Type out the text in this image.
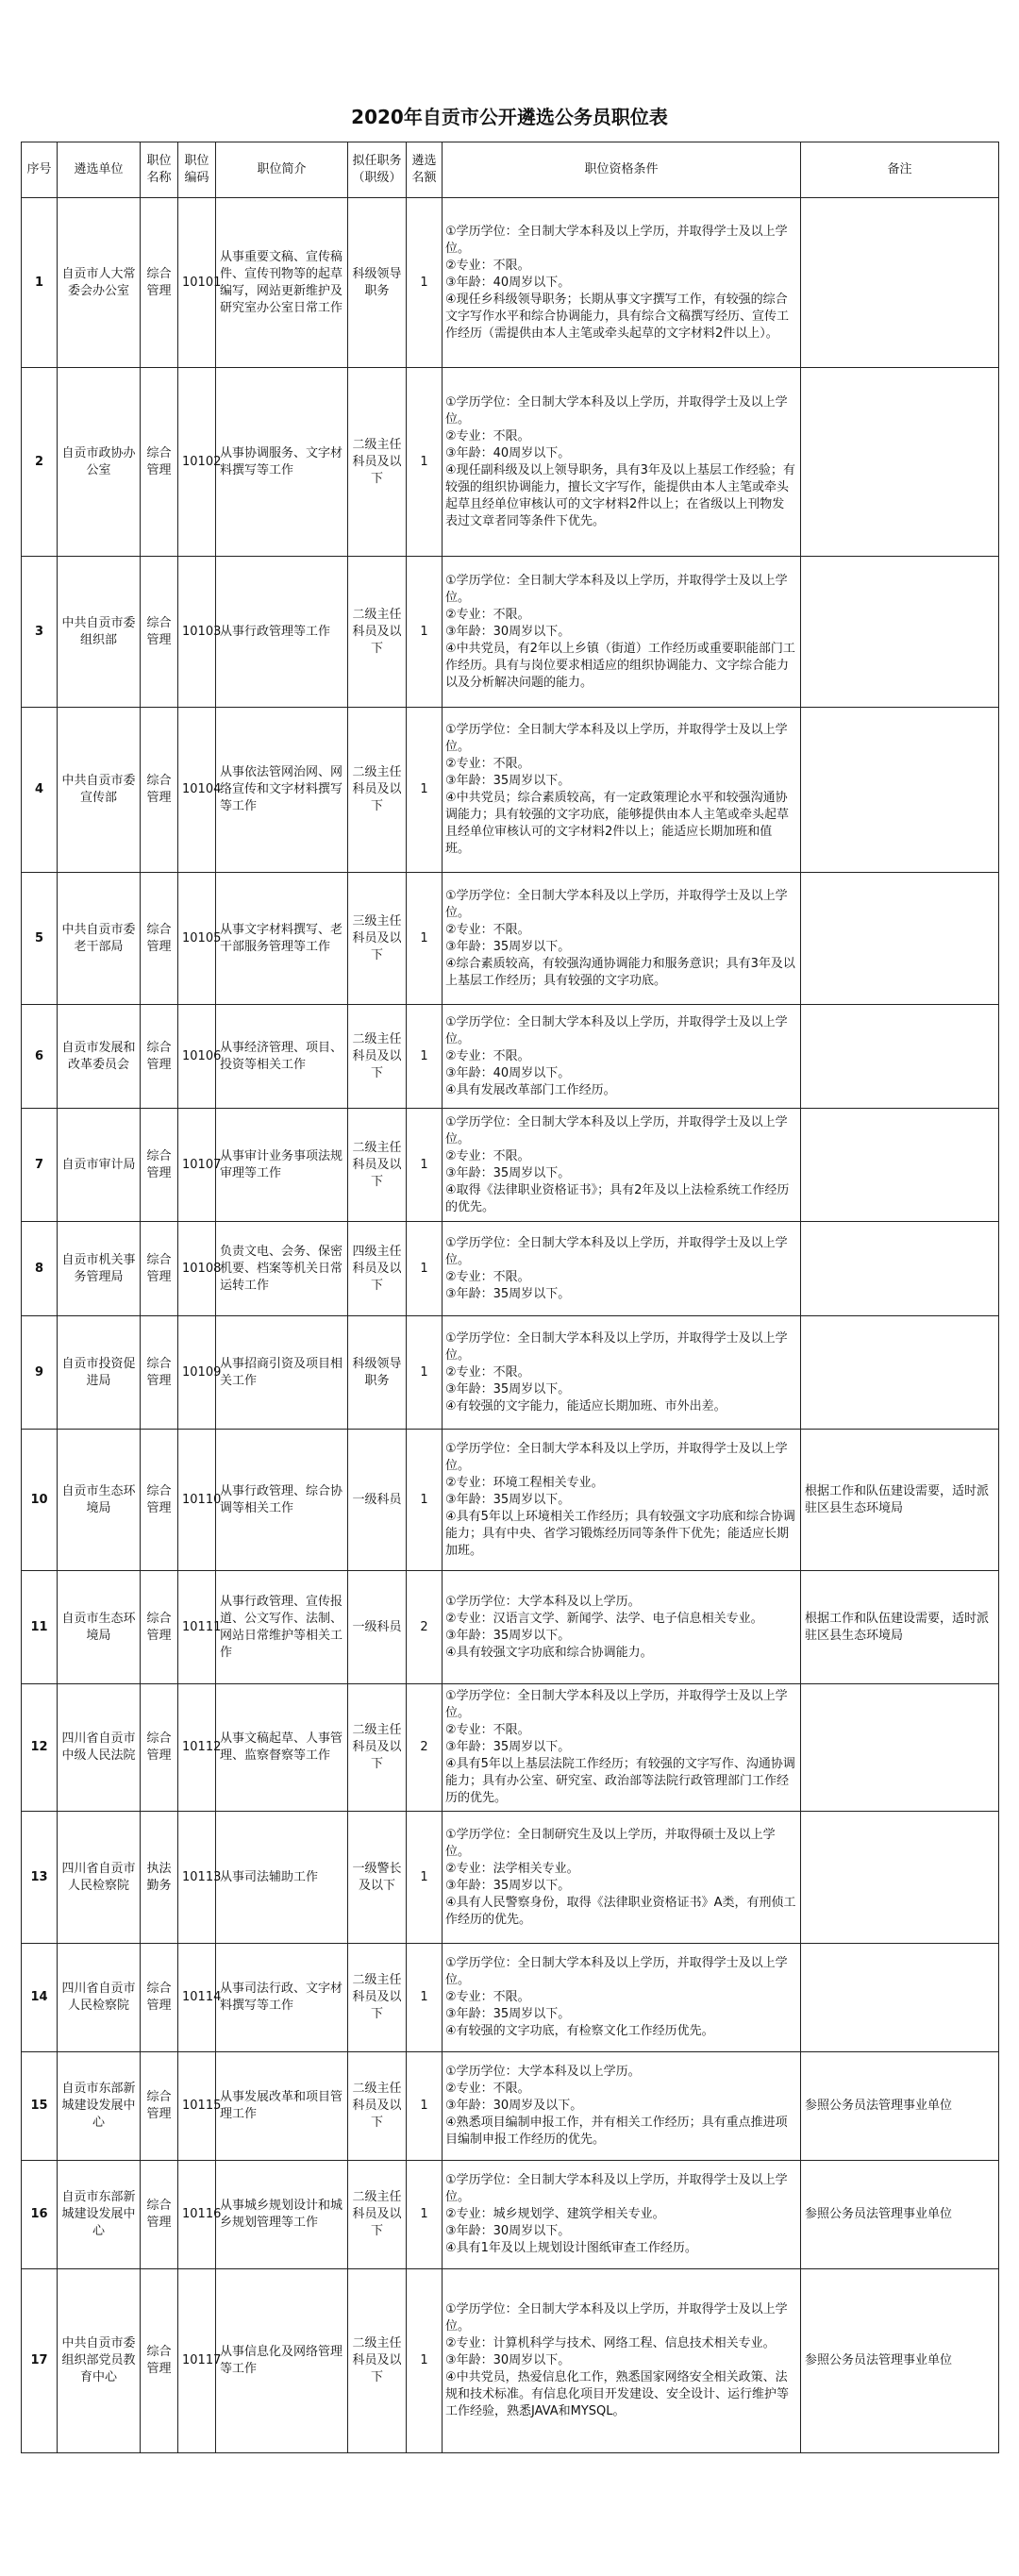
2020年自贡市公开遴选公务员职位表
序号	遴选单位	职位名称	职位编码	职位简介	拟任职务（职级）	遴选名额	职位资格条件	备注
1	自贡市人大常委会办公室	综合管理	10101	从事重要文稿、宣传稿件、宣传刊物等的起草编写，网站更新维护及研究室办公室日常工作	科级领导职务	1	①学历学位：全日制大学本科及以上学历，并取得学士及以上学位。
②专业：不限。
③年龄：40周岁以下。
④现任乡科级领导职务；长期从事文字撰写工作，有较强的综合文字写作水平和综合协调能力，具有综合文稿撰写经历、宣传工作经历（需提供由本人主笔或牵头起草的文字材料2件以上）。	

2	自贡市政协办公室	综合管理	10102	从事协调服务、文字材料撰写等工作	二级主任科员及以下	1	①学历学位：全日制大学本科及以上学历，并取得学士及以上学位。
②专业：不限。
③年龄：40周岁以下。
④现任副科级及以上领导职务，具有3年及以上基层工作经验；有较强的组织协调能力，擅长文字写作，能提供由本人主笔或牵头起草且经单位审核认可的文字材料2件以上；在省级以上刊物发表过文章者同等条件下优先。	

3	中共自贡市委组织部	综合管理	10103	从事行政管理等工作	二级主任科员及以下	1	①学历学位：全日制大学本科及以上学历，并取得学士及以上学位。
②专业：不限。
③年龄：30周岁以下。
④中共党员，有2年以上乡镇（街道）工作经历或重要职能部门工作经历。具有与岗位要求相适应的组织协调能力、文字综合能力以及分析解决问题的能力。	

4	中共自贡市委宣传部	综合管理	10104	从事依法管网治网、网络宣传和文字材料撰写等工作	二级主任科员及以下	1	①学历学位：全日制大学本科及以上学历，并取得学士及以上学位。
②专业：不限。
③年龄：35周岁以下。
④中共党员；综合素质较高，有一定政策理论水平和较强沟通协调能力；具有较强的文字功底，能够提供由本人主笔或牵头起草且经单位审核认可的文字材料2件以上；能适应长期加班和值班。	

5	中共自贡市委老干部局	综合管理	10105	从事文字材料撰写、老干部服务管理等工作	三级主任科员及以下	1	①学历学位：全日制大学本科及以上学历，并取得学士及以上学位。
②专业：不限。
③年龄：35周岁以下。
④综合素质较高，有较强沟通协调能力和服务意识；具有3年及以上基层工作经历；具有较强的文字功底。	

6	自贡市发展和改革委员会	综合管理	10106	从事经济管理、项目、投资等相关工作	二级主任科员及以下	1	①学历学位：全日制大学本科及以上学历，并取得学士及以上学位。
②专业：不限。
③年龄：40周岁以下。
④具有发展改革部门工作经历。	

7	自贡市审计局	综合管理	10107	从事审计业务事项法规审理等工作	二级主任科员及以下	1	①学历学位：全日制大学本科及以上学历，并取得学士及以上学位。
②专业：不限。
③年龄：35周岁以下。
④取得《法律职业资格证书》；具有2年及以上法检系统工作经历的优先。	

8	自贡市机关事务管理局	综合管理	10108	负责文电、会务、保密机要、档案等机关日常运转工作	四级主任科员及以下	1	①学历学位：全日制大学本科及以上学历，并取得学士及以上学位。
②专业：不限。
③年龄：35周岁以下。	

9	自贡市投资促进局	综合管理	10109	从事招商引资及项目相关工作	科级领导职务	1	①学历学位：全日制大学本科及以上学历，并取得学士及以上学位。
②专业：不限。
③年龄：35周岁以下。
④有较强的文字能力，能适应长期加班、市外出差。	

10	自贡市生态环境局	综合管理	10110	从事行政管理、综合协调等相关工作	一级科员	1	①学历学位：全日制大学本科及以上学历，并取得学士及以上学位。
②专业：环境工程相关专业。
③年龄：35周岁以下。
④具有5年以上环境相关工作经历；具有较强文字功底和综合协调能力；具有中央、省学习锻炼经历同等条件下优先；能适应长期加班。	根据工作和队伍建设需要，适时派驻区县生态环境局
11	自贡市生态环境局	综合管理	10111	从事行政管理、宣传报道、公文写作、法制、网站日常维护等相关工作	一级科员	2	①学历学位：大学本科及以上学历。
②专业：汉语言文学、新闻学、法学、电子信息相关专业。
③年龄：35周岁以下。
④具有较强文字功底和综合协调能力。	根据工作和队伍建设需要，适时派驻区县生态环境局
12	四川省自贡市中级人民法院	综合管理	10112	从事文稿起草、人事管理、监察督察等工作	二级主任科员及以下	2	①学历学位：全日制大学本科及以上学历，并取得学士及以上学位。
②专业：不限。
③年龄：35周岁以下。
④具有5年以上基层法院工作经历；有较强的文字写作、沟通协调能力；具有办公室、研究室、政治部等法院行政管理部门工作经历的优先。	

13	四川省自贡市人民检察院	执法勤务	10113	从事司法辅助工作	一级警长及以下	1	①学历学位：全日制研究生及以上学历，并取得硕士及以上学位。
②专业：法学相关专业。
③年龄：35周岁以下。
④具有人民警察身份，取得《法律职业资格证书》A类，有刑侦工作经历的优先。	

14	四川省自贡市人民检察院	综合管理	10114	从事司法行政、文字材料撰写等工作	二级主任科员及以下	1	①学历学位：全日制大学本科及以上学历，并取得学士及以上学位。
②专业：不限。
③年龄：35周岁以下。
④有较强的文字功底，有检察文化工作经历优先。	

15	自贡市东部新城建设发展中心	综合管理	10115	从事发展改革和项目管理工作	二级主任科员及以下	1	①学历学位：大学本科及以上学历。
②专业：不限。
③年龄：30周岁及以下。
④熟悉项目编制申报工作，并有相关工作经历；具有重点推进项目编制申报工作经历的优先。	参照公务员法管理事业单位
16	自贡市东部新城建设发展中心	综合管理	10116	从事城乡规划设计和城乡规划管理等工作	二级主任科员及以下	1	①学历学位：全日制大学本科及以上学历，并取得学士及以上学位。
②专业：城乡规划学、建筑学相关专业。
③年龄：30周岁以下。
④具有1年及以上规划设计图纸审查工作经历。	参照公务员法管理事业单位
17	中共自贡市委组织部党员教育中心	综合管理	10117	从事信息化及网络管理等工作	二级主任科员及以下	1	①学历学位：全日制大学本科及以上学历，并取得学士及以上学位。
②专业：计算机科学与技术、网络工程、信息技术相关专业。
③年龄：30周岁以下。
④中共党员，热爱信息化工作，熟悉国家网络安全相关政策、法规和技术标准。有信息化项目开发建设、安全设计、运行维护等工作经验，熟悉JAVA和MYSQL。	参照公务员法管理事业单位
